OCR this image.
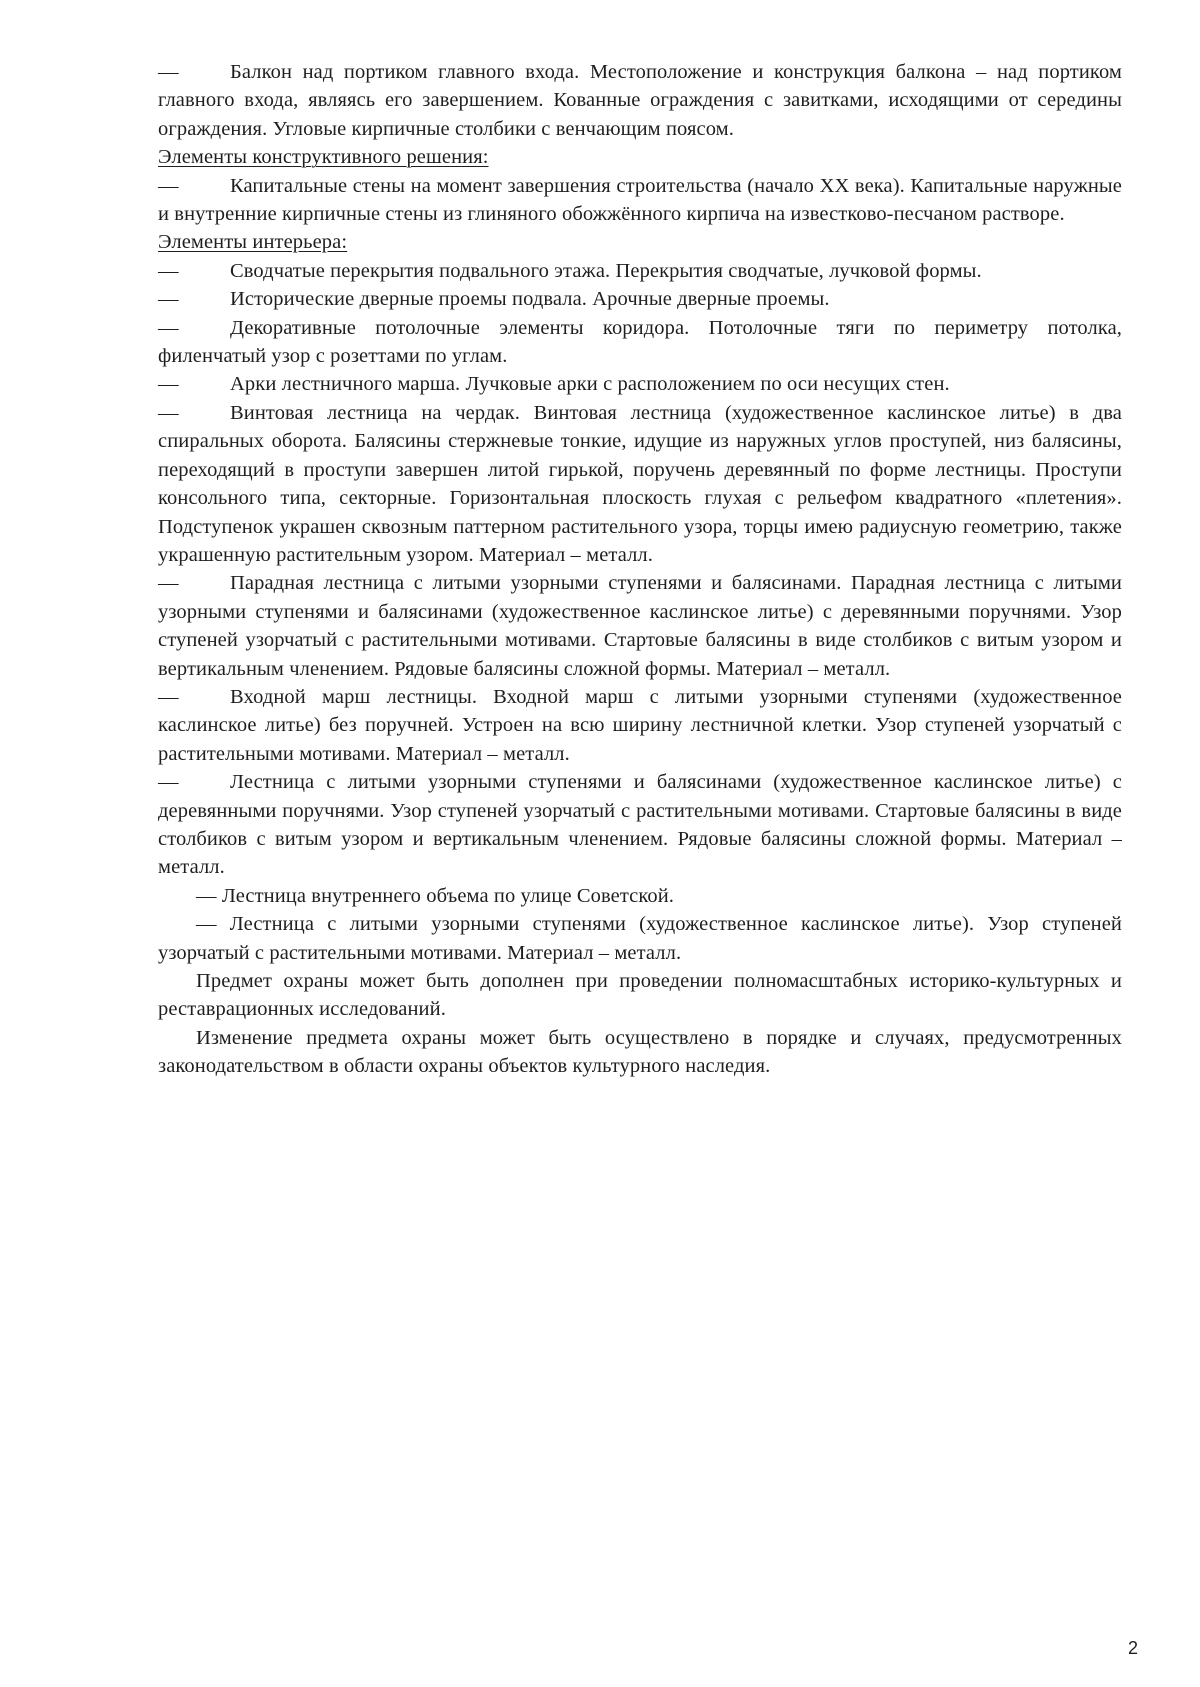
—	Балкон над портиком главного входа. Местоположение и конструкция балкона – над портиком главного входа, являясь его завершением. Кованные ограждения с завитками, исходящими от середины ограждения. Угловые кирпичные столбики с венчающим поясом.

Элементы конструктивного решения:

—	Капитальные стены на момент завершения строительства (начало XX века). Капитальные наружные и внутренние кирпичные стены из глиняного обожжённого кирпича на известково-песчаном растворе.

Элементы интерьера:

—	Сводчатые перекрытия подвального этажа. Перекрытия сводчатые, лучковой формы.

—	Исторические дверные проемы подвала. Арочные дверные проемы.

—	Декоративные потолочные элементы коридора. Потолочные тяги по периметру потолка, филенчатый узор с розеттами по углам.

—	Арки лестничного марша. Лучковые арки с расположением по оси несущих стен.

—	Винтовая лестница на чердак. Винтовая лестница (художественное каслинское литье) в два спиральных оборота. Балясины стержневые тонкие, идущие из наружных углов проступей, низ балясины, переходящий в проступи завершен литой гирькой, поручень деревянный по форме лестницы. Проступи консольного типа, секторные. Горизонтальная плоскость глухая с рельефом квадратного «плетения». Подступенок украшен сквозным паттерном растительного узора, торцы имею радиусную геометрию, также украшенную растительным узором. Материал – металл.

—	Парадная лестница с литыми узорными ступенями и балясинами. Парадная лестница с литыми узорными ступенями и балясинами (художественное каслинское литье) с деревянными поручнями. Узор ступеней узорчатый с растительными мотивами. Стартовые балясины в виде столбиков с витым узором и вертикальным членением. Рядовые балясины сложной формы. Материал – металл.

—	Входной марш лестницы. Входной марш с литыми узорными ступенями (художественное каслинское литье) без поручней. Устроен на всю ширину лестничной клетки. Узор ступеней узорчатый с растительными мотивами. Материал – металл.

—	Лестница с литыми узорными ступенями и балясинами (художественное каслинское литье) с деревянными поручнями. Узор ступеней узорчатый с растительными мотивами. Стартовые балясины в виде столбиков с витым узором и вертикальным членением. Рядовые балясины сложной формы. Материал – металл.

— Лестница внутреннего объема по улице Советской.

— Лестница с литыми узорными ступенями (художественное каслинское литье). Узор ступеней узорчатый с растительными мотивами. Материал – металл.

Предмет охраны может быть дополнен при проведении полномасштабных историко-культурных и реставрационных исследований.

Изменение предмета охраны может быть осуществлено в порядке и случаях, предусмотренных законодательством в области охраны объектов культурного наследия.

2
